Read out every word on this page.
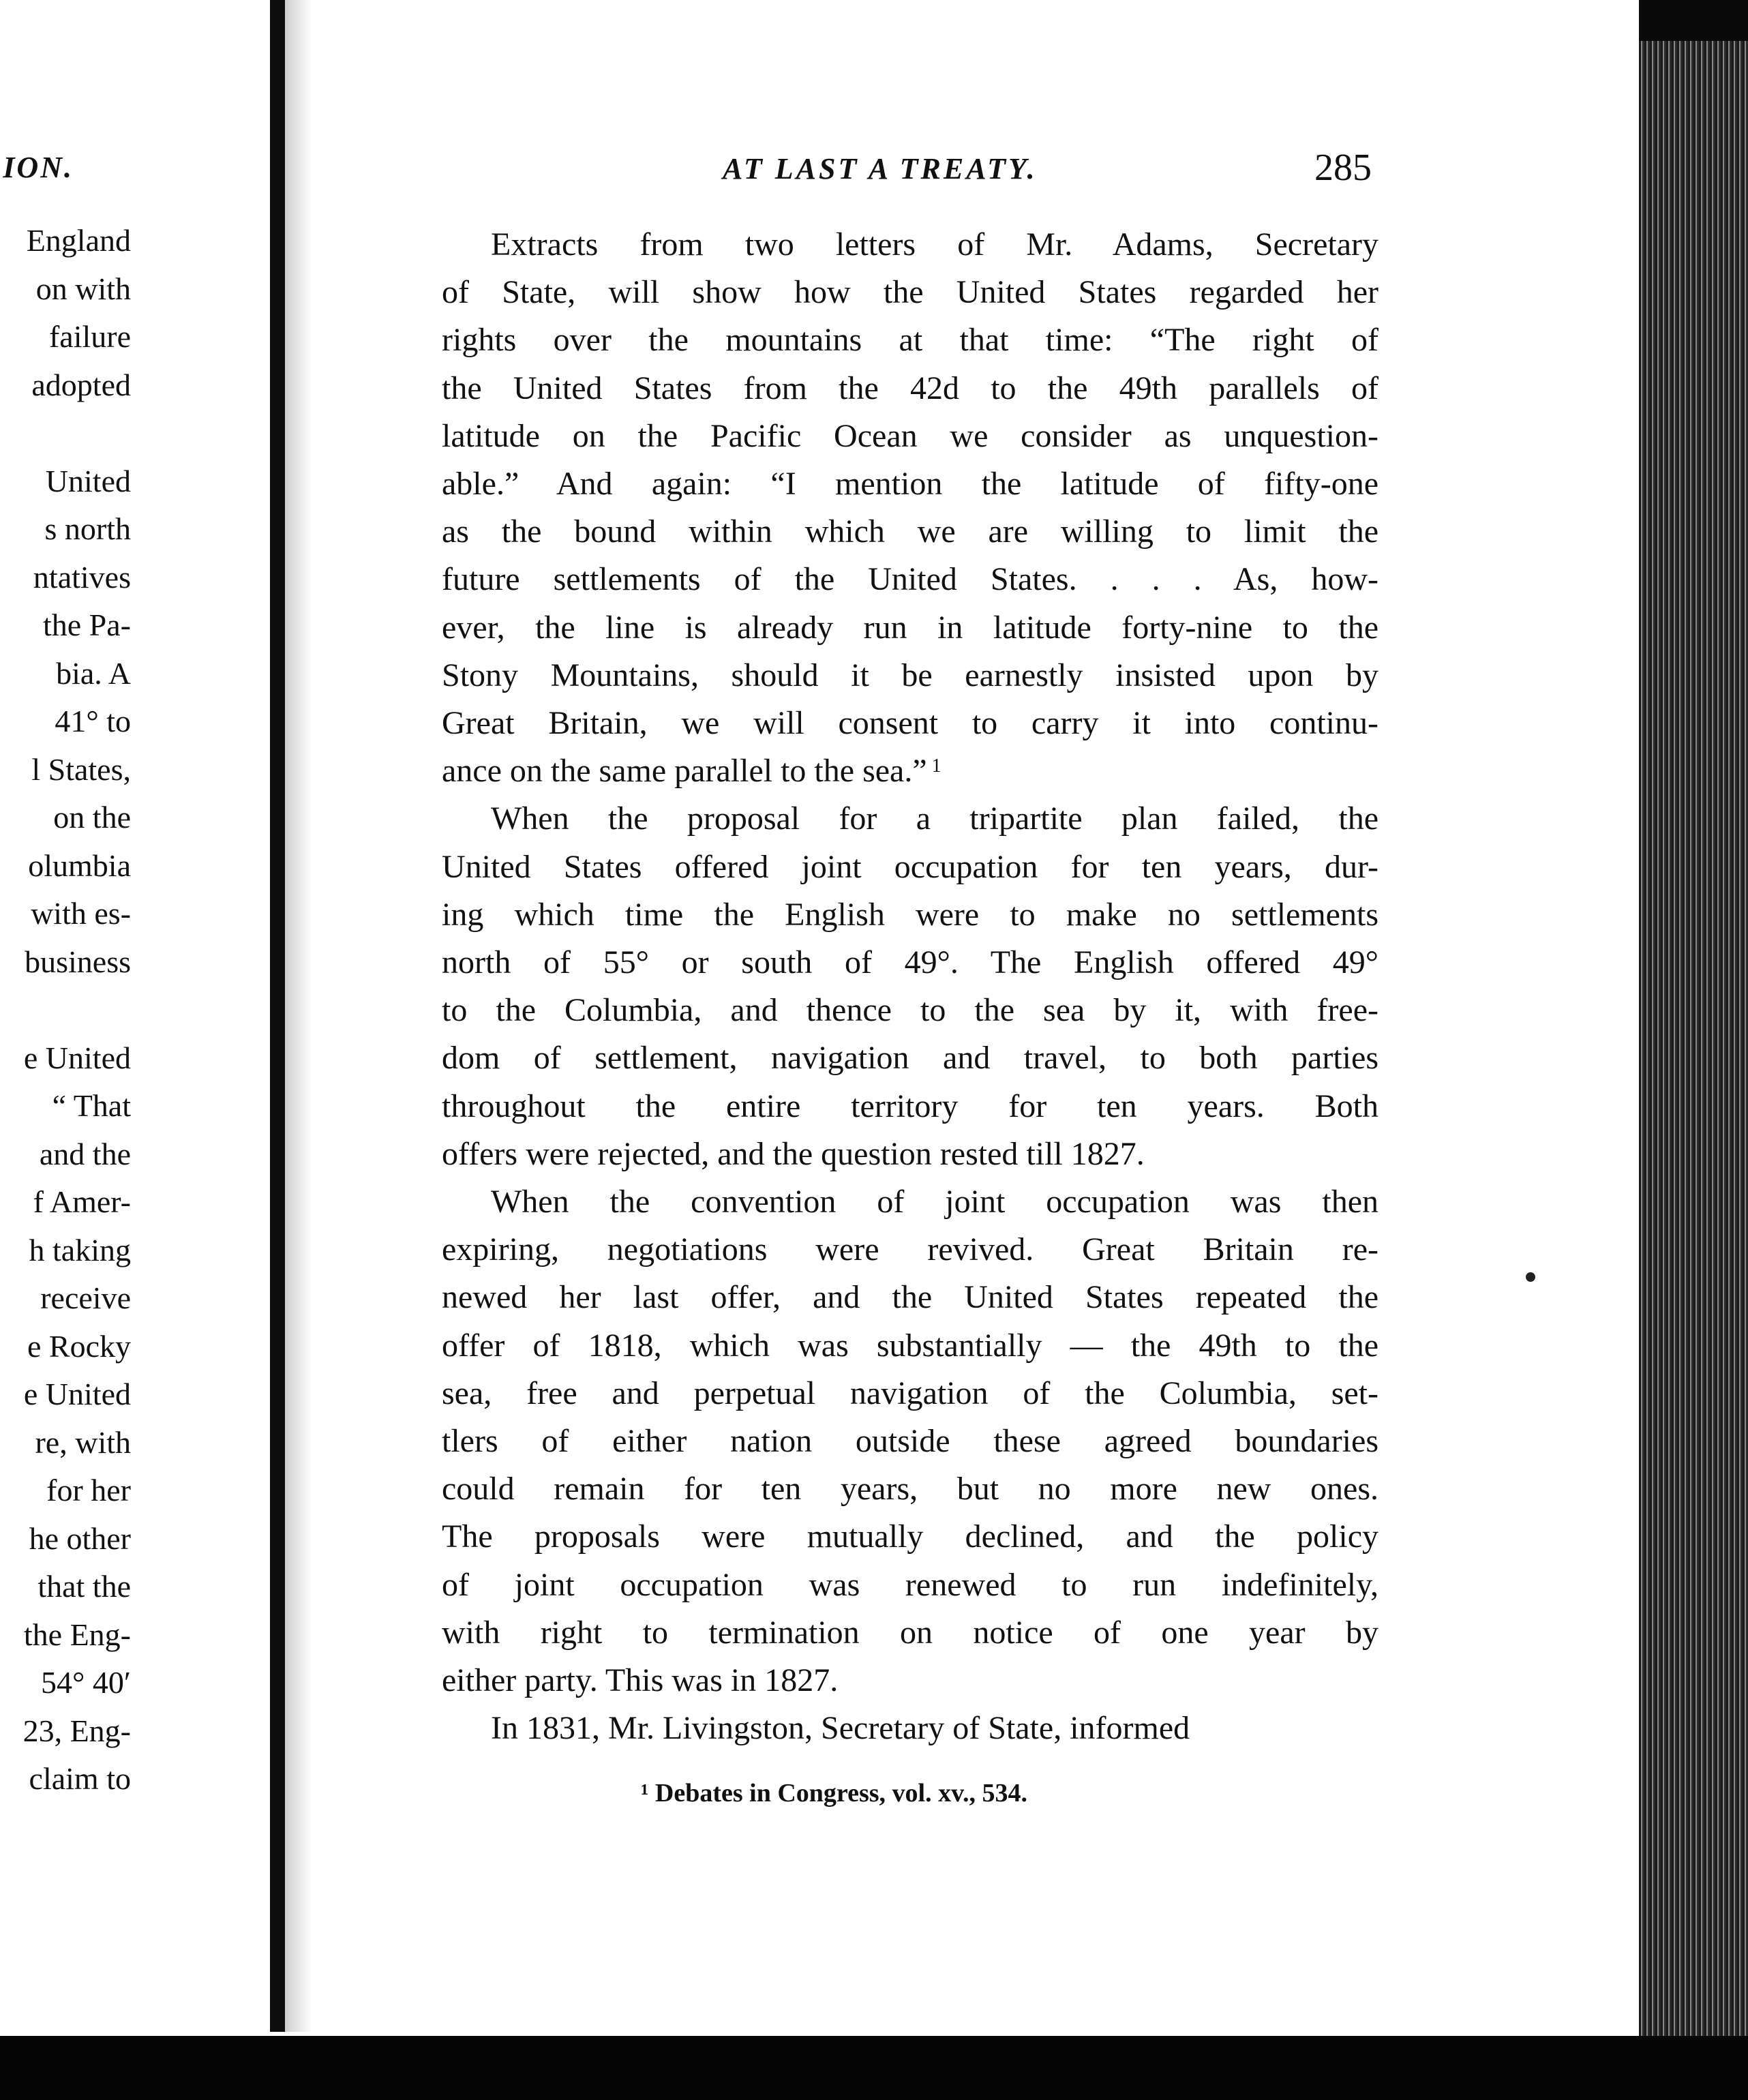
ION.
England
on with
failure
adopted

United
s north
ntatives
the Pa-
bia. A
41° to
l States,
on the
olumbia
with es-
business

e United
“ That
and the
f Amer-
h taking
receive
e Rocky
e United
re, with
for her
he other
that the
the Eng-
54° 40′
23, Eng-
claim to
AT LAST A TREATY.	285
Extracts from two letters of Mr. Adams, Secretary
of State, will show how the United States regarded her
rights over the mountains at that time: “The right of
the United States from the 42d to the 49th parallels of
latitude on the Pacific Ocean we consider as unquestion-
able.” And again: “I mention the latitude of fifty-one
as the bound within which we are willing to limit the
future settlements of the United States. . . . As, how-
ever, the line is already run in latitude forty-nine to the
Stony Mountains, should it be earnestly insisted upon by
Great Britain, we will consent to carry it into continu-
ance on the same parallel to the sea.” $^1$
When the proposal for a tripartite plan failed, the
United States offered joint occupation for ten years, dur-
ing which time the English were to make no settlements
north of 55° or south of 49°. The English offered 49°
to the Columbia, and thence to the sea by it, with free-
dom of settlement, navigation and travel, to both parties
throughout the entire territory for ten years. Both
offers were rejected, and the question rested till 1827.
When the convention of joint occupation was then
expiring, negotiations were revived. Great Britain re-
newed her last offer, and the United States repeated the
offer of 1818, which was substantially — the 49th to the
sea, free and perpetual navigation of the Columbia, set-
tlers of either nation outside these agreed boundaries
could remain for ten years, but no more new ones.
The proposals were mutually declined, and the policy
of joint occupation was renewed to run indefinitely,
with right to termination on notice of one year by
either party. This was in 1827.
In 1831, Mr. Livingston, Secretary of State, informed
¹ Debates in Congress, vol. xv., 534.
